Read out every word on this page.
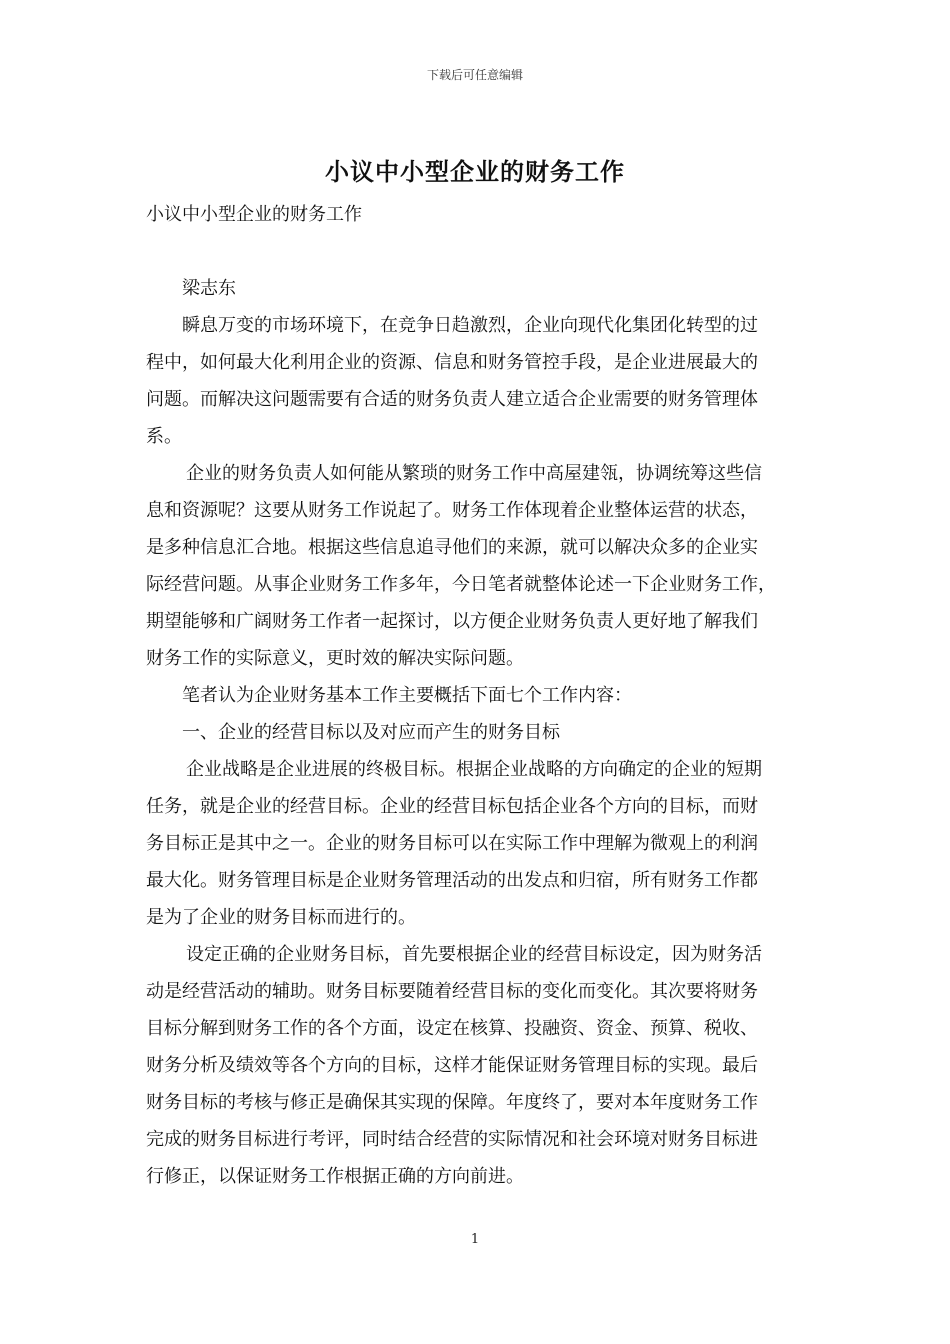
下载后可任意编辑
小议中小型企业的财务工作
小议中小型企业的财务工作
梁志东
瞬息万变的市场环境下，在竞争日趋激烈，企业向现代化集团化转型的过
程中，如何最大化利用企业的资源、信息和财务管控手段，是企业进展最大的
问题。而解决这问题需要有合适的财务负责人建立适合企业需要的财务管理体
系。
企业的财务负责人如何能从繁琐的财务工作中高屋建瓴，协调统筹这些信
息和资源呢？这要从财务工作说起了。财务工作体现着企业整体运营的状态，
是多种信息汇合地。根据这些信息追寻他们的来源，就可以解决众多的企业实
际经营问题。从事企业财务工作多年，今日笔者就整体论述一下企业财务工作，
期望能够和广阔财务工作者一起探讨，以方便企业财务负责人更好地了解我们
财务工作的实际意义，更时效的解决实际问题。
笔者认为企业财务基本工作主要概括下面七个工作内容：
一、企业的经营目标以及对应而产生的财务目标
企业战略是企业进展的终极目标。根据企业战略的方向确定的企业的短期
任务，就是企业的经营目标。企业的经营目标包括企业各个方向的目标，而财
务目标正是其中之一。企业的财务目标可以在实际工作中理解为微观上的利润
最大化。财务管理目标是企业财务管理活动的出发点和归宿，所有财务工作都
是为了企业的财务目标而进行的。
设定正确的企业财务目标，首先要根据企业的经营目标设定，因为财务活
动是经营活动的辅助。财务目标要随着经营目标的变化而变化。其次要将财务
目标分解到财务工作的各个方面，设定在核算、投融资、资金、预算、税收、
财务分析及绩效等各个方向的目标，这样才能保证财务管理目标的实现。最后
财务目标的考核与修正是确保其实现的保障。年度终了，要对本年度财务工作
完成的财务目标进行考评，同时结合经营的实际情况和社会环境对财务目标进
行修正，以保证财务工作根据正确的方向前进。
1
